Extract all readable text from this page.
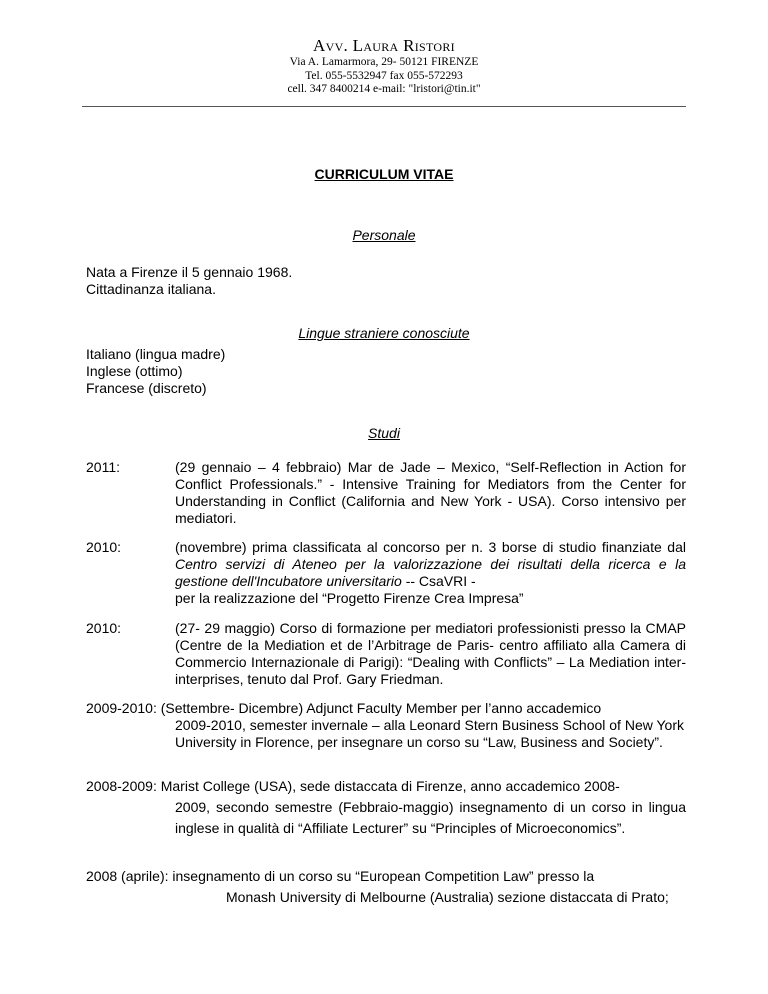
Avv. Laura Ristori
Via A. Lamarmora, 29- 50121 FIRENZE
Tel. 055-5532947 fax 055-572293
cell. 347 8400214 e-mail: "lristori@tin.it"
CURRICULUM VITAE
Personale
Nata a Firenze il 5 gennaio 1968.
Cittadinanza italiana.
Lingue straniere conosciute
Italiano (lingua madre)
Inglese (ottimo)
Francese (discreto)
Studi
2011:	(29 gennaio – 4 febbraio) Mar de Jade – Mexico, “Self-Reflection in Action for Conflict Professionals.” - Intensive Training for Mediators from the Center for Understanding in Conflict (California and New York - USA). Corso intensivo per mediatori.
2010:	(novembre) prima classificata al concorso per n. 3 borse di studio finanziate dal Centro servizi di Ateneo per la valorizzazione dei risultati della ricerca e la gestione dell'Incubatore universitario -- CsaVRI -
per la realizzazione del “Progetto Firenze Crea Impresa”
2010:	(27- 29 maggio) Corso di formazione per mediatori professionisti presso la CMAP (Centre de la Mediation et de l’Arbitrage de Paris- centro affiliato alla Camera di Commercio Internazionale di Parigi): “Dealing with Conflicts” – La Mediation inter-interprises, tenuto dal Prof. Gary Friedman.
2009-2010: (Settembre- Dicembre) Adjunct Faculty Member per l’anno accademico
2009-2010, semester invernale – alla Leonard Stern Business School of New York University in Florence, per insegnare un corso su “Law, Business and Society”.
2008-2009: Marist College (USA), sede distaccata di Firenze, anno accademico 2008-
2009, secondo semestre (Febbraio-maggio) insegnamento di un corso in lingua inglese in qualità di “Affiliate Lecturer” su “Principles of Microeconomics”.
2008 (aprile): insegnamento di un corso su “European Competition Law” presso la
Monash University di Melbourne (Australia) sezione distaccata di Prato;
